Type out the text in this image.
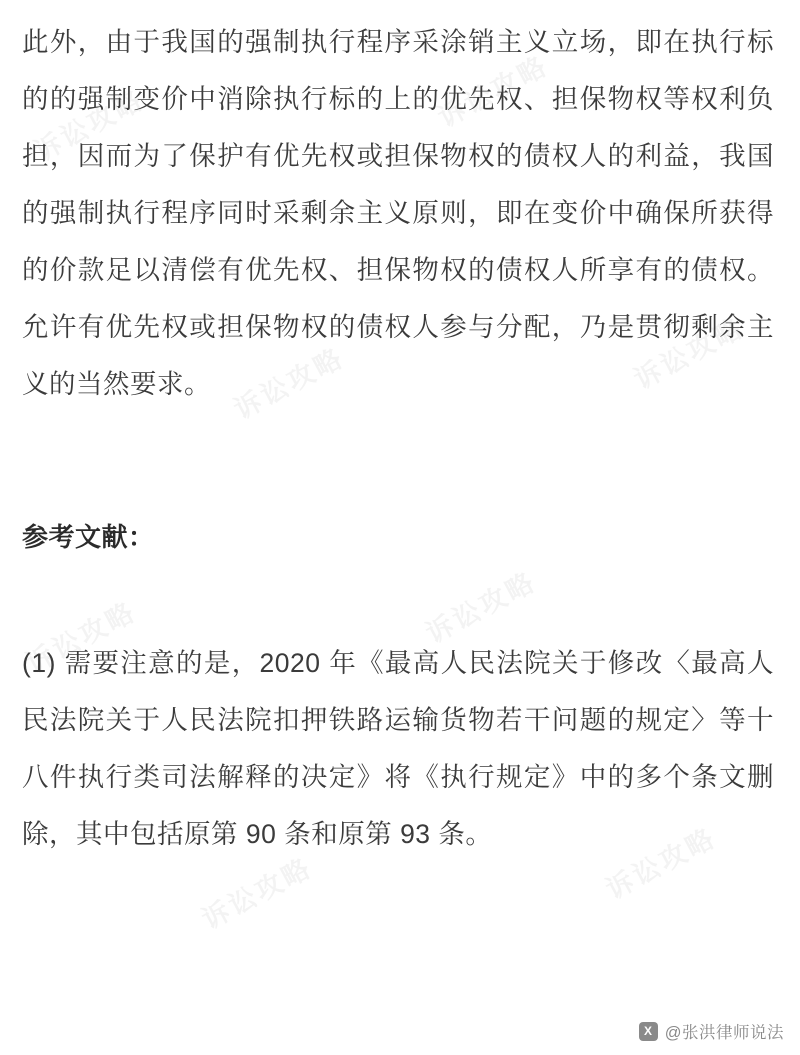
此外，由于我国的强制执行程序采涂销主义立场，即在执行标的的强制变价中消除执行标的上的优先权、担保物权等权利负担，因而为了保护有优先权或担保物权的债权人的利益，我国的强制执行程序同时采剩余主义原则，即在变价中确保所获得的价款足以清偿有优先权、担保物权的债权人所享有的债权。允许有优先权或担保物权的债权人参与分配，乃是贯彻剩余主义的当然要求。

参考文献：

(1) 需要注意的是，2020 年《最高人民法院关于修改〈最高人民法院关于人民法院扣押铁路运输货物若干问题的规定〉等十八件执行类司法解释的决定》将《执行规定》中的多个条文删除，其中包括原第 90 条和原第 93 条。

X @张洪律师说法
